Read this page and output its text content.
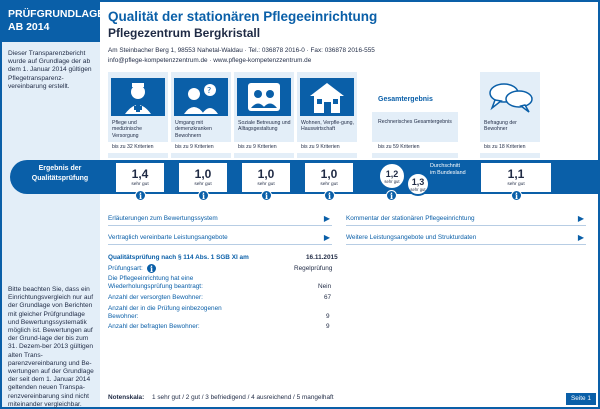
PRÜFGRUNDLAGE
AB 2014
Dieser Transparenzbericht wurde auf Grundlage der ab dem 1. Januar 2014 gültigen Pflegetransparenz-vereinbarung erstellt.
Bitte beachten Sie, dass ein Einrichtungsvergleich nur auf der Grundlage von Berichten mit gleicher Prüfgrundlage und Bewertungssystematik möglich ist. Bewertungen auf der Grund-lage der bis zum 31. Dezem-ber 2013 gültigen alten Trans-parenzvereinbarung und Be-wertungen auf der Grundlage der seit dem 1. Januar 2014 geltenden neuen Transpa-renzvereinbarung sind nicht miteinander vergleichbar.
Qualität der stationären Pflegeeinrichtung
Pflegezentrum Bergkristall
Am Steinbacher Berg 1, 98553 Nahetal-Waldau · Tel.: 036878 2016-0 · Fax: 036878 2016-555
info@pflege-kompetenzzentrum.de · www.pflege-kompetenzzentrum.de
Pflege und medizinische Versorgung
bis zu 32 Kriterien
?
Umgang mit demenzkranken Bewohnern
bis zu 9 Kriterien
Soziale Betreuung und Alltagsgestaltung
bis zu 9 Kriterien
Wohnen, Verpfle-gung, Hauswirtschaft
bis zu 9 Kriterien
Gesamtergebnis
Rechnerisches Gesamtergebnis
bis zu 59 Kriterien
Befragung der Bewohner
bis zu 18 Kriterien
Ergebnis der
Qualitätsprüfung	1,4
sehr gut
i
1,0
sehr gut
i
1,0
sehr gut
i
1,0
sehr gut
i
1,2
sehr gut
i
1,3
sehr gut
Durchschnitt
im Bundesland	1,1
sehr gut
i
Erläuterungen zum Bewertungssystem	▶	Kommentar der stationären Pflegeeinrichtung	▶
Vertraglich vereinbarte Leistungsangebote	▶	Weitere Leistungsangebote und Strukturdaten	▶
Qualitätsprüfung nach § 114 Abs. 1 SGB XI am	16.11.2015
Prüfungsart: i	Regelprüfung
Die Pflegeeinrichtung hat eine Wiederholungsprüfung beantragt:	Nein
Anzahl der versorgten Bewohner:	67
Anzahl der in die Prüfung einbezogenen Bewohner:	9
Anzahl der befragten Bewohner:	9
Notenskala: 1 sehr gut / 2 gut / 3 befriedigend / 4 ausreichend / 5 mangelhaft	Seite 1
